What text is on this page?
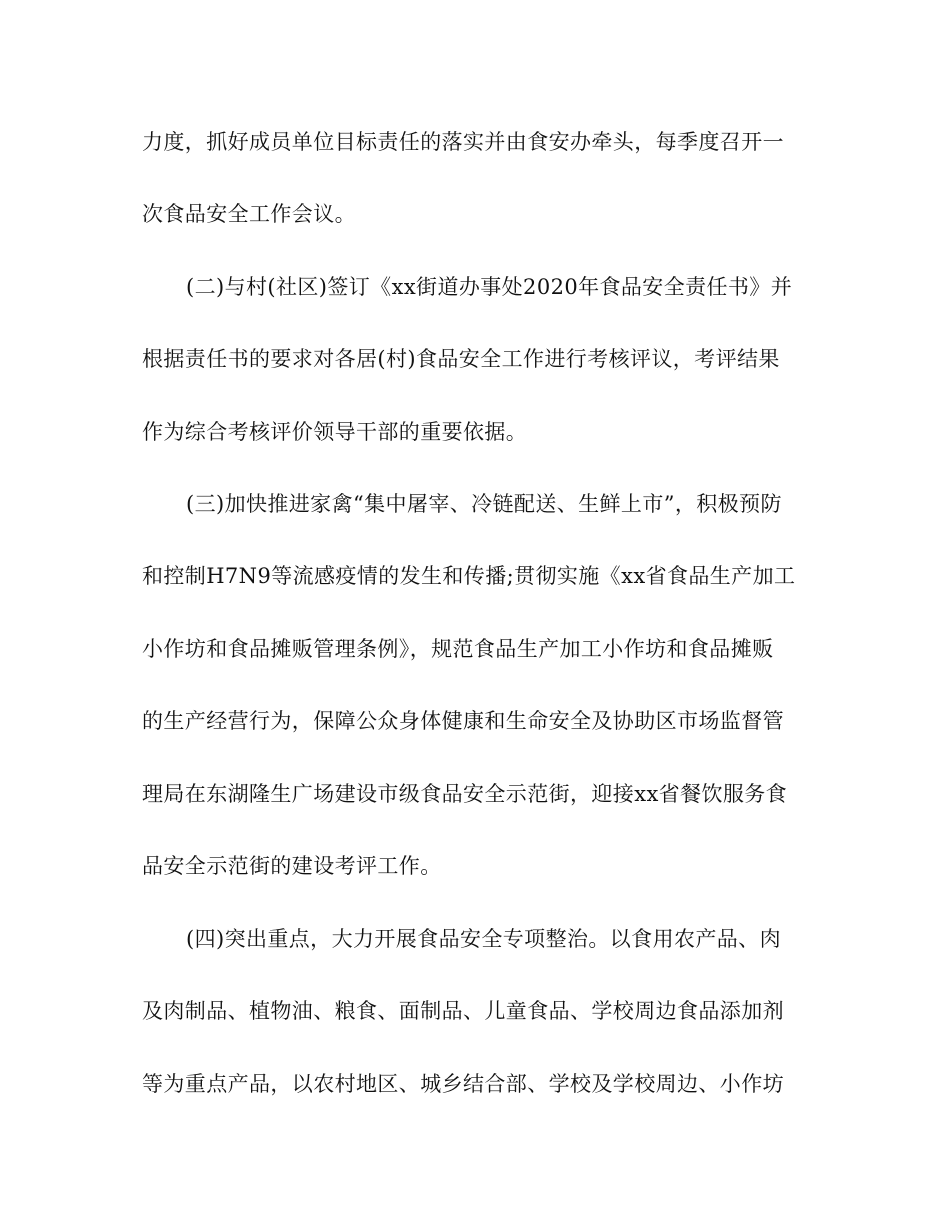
力度，抓好成员单位目标责任的落实并由食安办牵头，每季度召开一
次食品安全工作会议。
(二)与村(社区)签订《xx街道办事处2020年食品安全责任书》并
根据责任书的要求对各居(村)食品安全工作进行考核评议，考评结果
作为综合考核评价领导干部的重要依据。
(三)加快推进家禽“集中屠宰、冷链配送、生鲜上市”，积极预防
和控制H7N9等流感疫情的发生和传播;贯彻实施《xx省食品生产加工
小作坊和食品摊贩管理条例》，规范食品生产加工小作坊和食品摊贩
的生产经营行为，保障公众身体健康和生命安全及协助区市场监督管
理局在东湖隆生广场建设市级食品安全示范街，迎接xx省餐饮服务食
品安全示范街的建设考评工作。
(四)突出重点，大力开展食品安全专项整治。以食用农产品、肉
及肉制品、植物油、粮食、面制品、儿童食品、学校周边食品添加剂
等为重点产品，以农村地区、城乡结合部、学校及学校周边、小作坊
